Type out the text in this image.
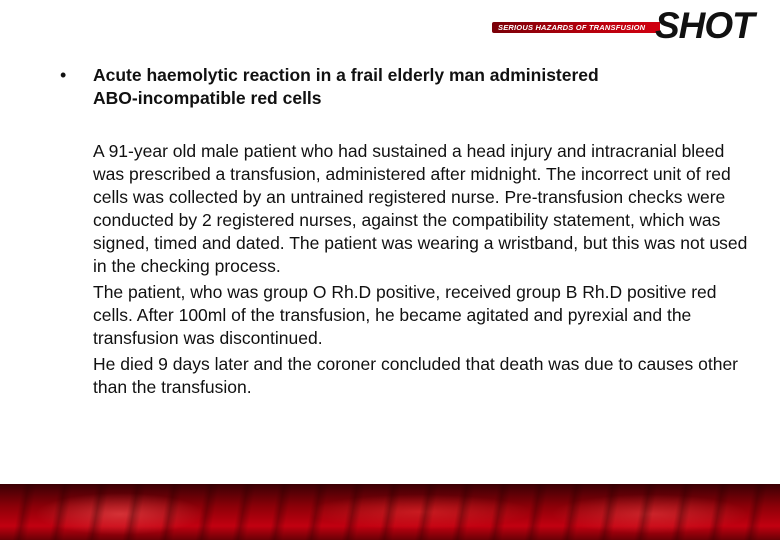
SERIOUS HAZARDS OF TRANSFUSION SHOT
• Acute haemolytic reaction in a frail elderly man administered
ABO-incompatible red cells

A 91-year old male patient who had sustained a head injury and intracranial bleed was prescribed a transfusion, administered after midnight. The incorrect unit of red cells was collected by an untrained registered nurse. Pre-transfusion checks were conducted by 2 registered nurses, against the compatibility statement, which was signed, timed and dated. The patient was wearing a wristband, but this was not used in the checking process.

The patient, who was group O Rh.D positive, received group B Rh.D positive red cells. After 100ml of the transfusion, he became agitated and pyrexial and the transfusion was discontinued.

He died 9 days later and the coroner concluded that death was due to causes other than the transfusion.
